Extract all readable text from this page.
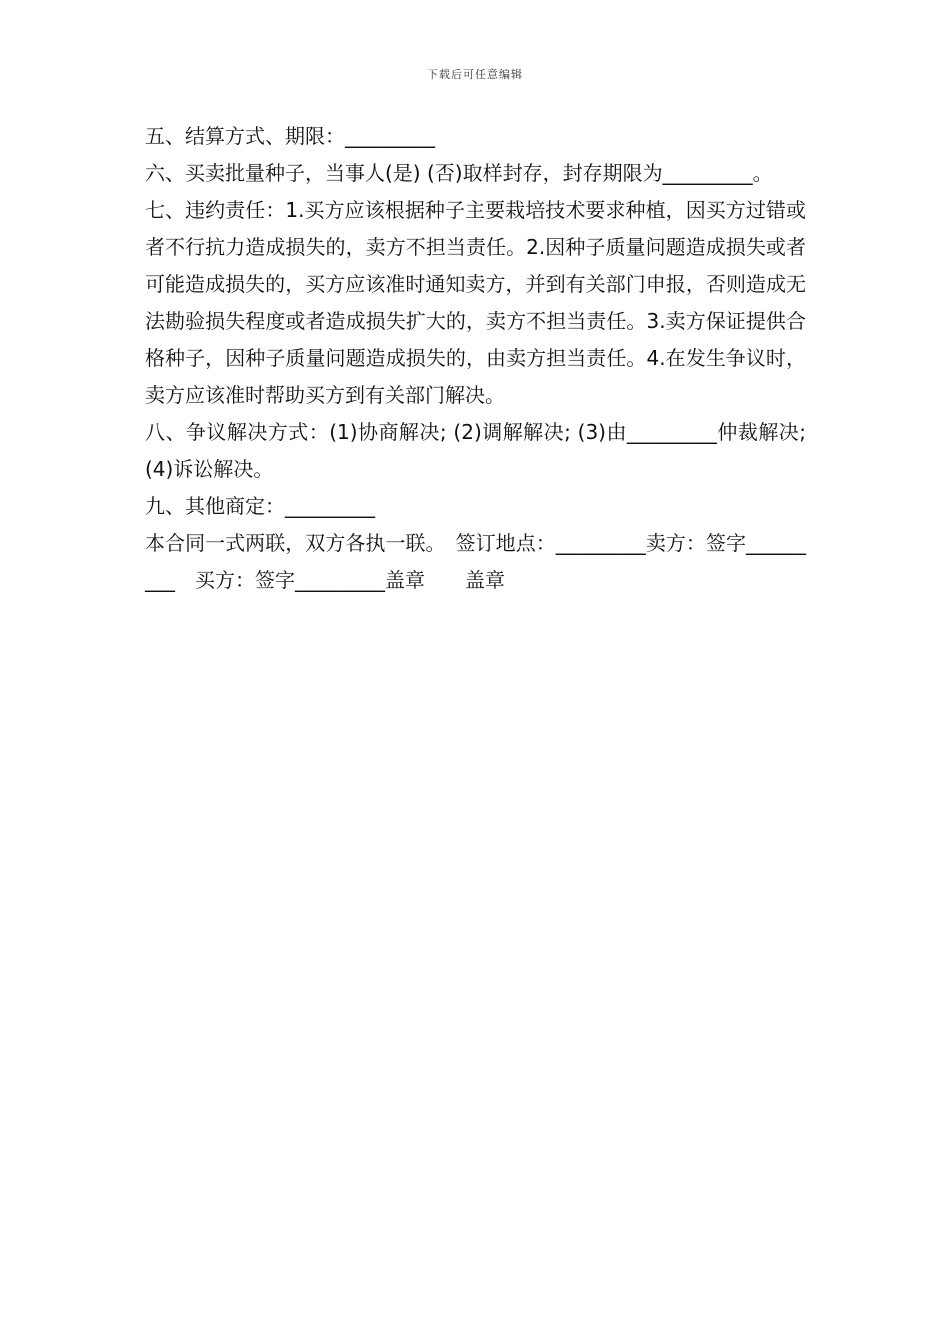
下载后可任意编辑

五、结算方式、期限：_________

六、买卖批量种子，当事人(是) (否)取样封存，封存期限为_________。

七、违约责任：1.买方应该根据种子主要栽培技术要求种植，因买方过错或者不行抗力造成损失的，卖方不担当责任。2.因种子质量问题造成损失或者可能造成损失的，买方应该准时通知卖方，并到有关部门申报，否则造成无法勘验损失程度或者造成损失扩大的，卖方不担当责任。3.卖方保证提供合格种子，因种子质量问题造成损失的，由卖方担当责任。4.在发生争议时，卖方应该准时帮助买方到有关部门解决。

八、争议解决方式：(1)协商解决; (2)调解解决; (3)由_________仲裁解决;(4)诉讼解决。

九、其他商定：_________

本合同一式两联，双方各执一联。　签订地点：_________卖方：签字_________　买方：签字_________盖章　　盖章
